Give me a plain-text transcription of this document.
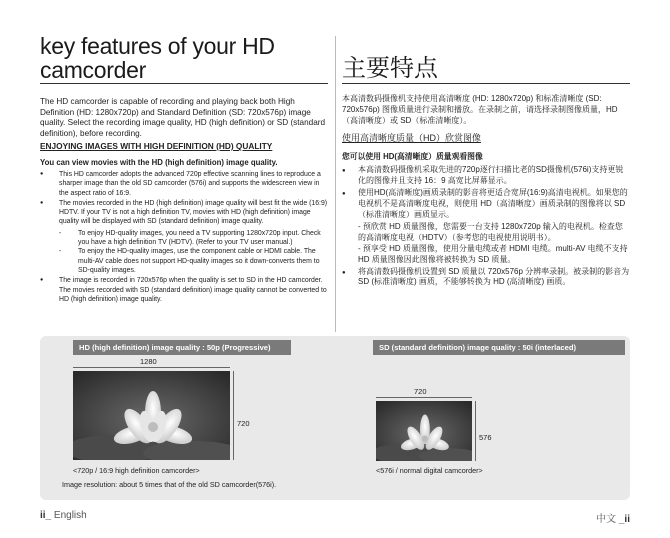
key features of your HD camcorder

The HD camcorder is capable of recording and playing back both High Definition (HD: 1280x720p) and Standard Definition (SD: 720x576p) image quality. Select the recording image quality, HD (high definition) or SD (standard definition), before recording.

ENJOYING IMAGES WITH HIGH DEFINITION (HD) QUALITY
You can view movies with the HD (high definition) image quality.
● This HD camcorder adopts the advanced 720p effective scanning lines to reproduce a sharper image than the old SD camcorder (576i) and supports the widescreen view in the aspect ratio of 16:9.
● The movies recorded in the HD (high definition) image quality will best fit the wide (16:9) HDTV. If your TV is not a high definition TV, movies with HD (high definition) image quality will be displayed with SD (standard definition) image quality.
- To enjoy HD-quality images, you need a TV supporting 1280x720p input. Check you have a high definition TV (HDTV). (Refer to your TV user manual.)
- To enjoy the HD-quality images, use the component cable or HDMI cable. The multi-AV cable does not support HD-quality images so it down-converts them to SD-quality images.
● The image is recorded in 720x576p when the quality is set to SD in the HD camcorder. The movies recorded with SD (standard definition) image quality cannot be converted to HD (high definition) image quality.
主要特点

本高清数码摄像机支持使用高清晰度 (HD: 1280x720p) 和标准清晰度 (SD: 720x576p) 图像质量进行录制和播放。在录制之前，请选择录制图像质量，HD（高清晰度）或 SD（标准清晰度）。

使用高清晰度质量（HD）欣赏图像
您可以使用 HD(高清晰度）质量观看图像
● 本高清数码摄像机采取先进的720p逐行扫描比老的SD摄像机(576i)支持更锐化的图像并且支持 16：9 高宽比屏幕显示。
● 使用HD(高清晰度)画质录制的影音将更适合宽屏(16:9)高清电视机。如果您的电视机不是高清晰度电视，则使用 HD（高清晰度）画质录制的图像将以 SD（标准清晰度）画质显示。
- 预欣赏 HD 质量图像，您需要一台支持 1280x720p 输入的电视机。检查您的高清晰度电视（HDTV）（参考您的电视使用说明书）。
- 预享受 HD 质量图像，使用分量电缆或者 HDMI 电缆。multi-AV 电缆不支持 HD 质量图像因此图像将被转换为 SD 质量。
● 将高清数码摄像机设置到 SD 质量以 720x576p 分辨率录制。被录制的影音为 SD (标准清晰度) 画质，不能够转换为 HD (高清晰度) 画质。
HD (high definition) image quality : 50p (Progressive)	SD (standard definition) image quality : 50i (interlaced)
1280
720
720
576
<720p / 16:9 high definition camcorder>	<576i / normal digital camcorder>
Image resolution: about 5 times that of the old SD camcorder(576i).
ii_ English	中文 _ii
